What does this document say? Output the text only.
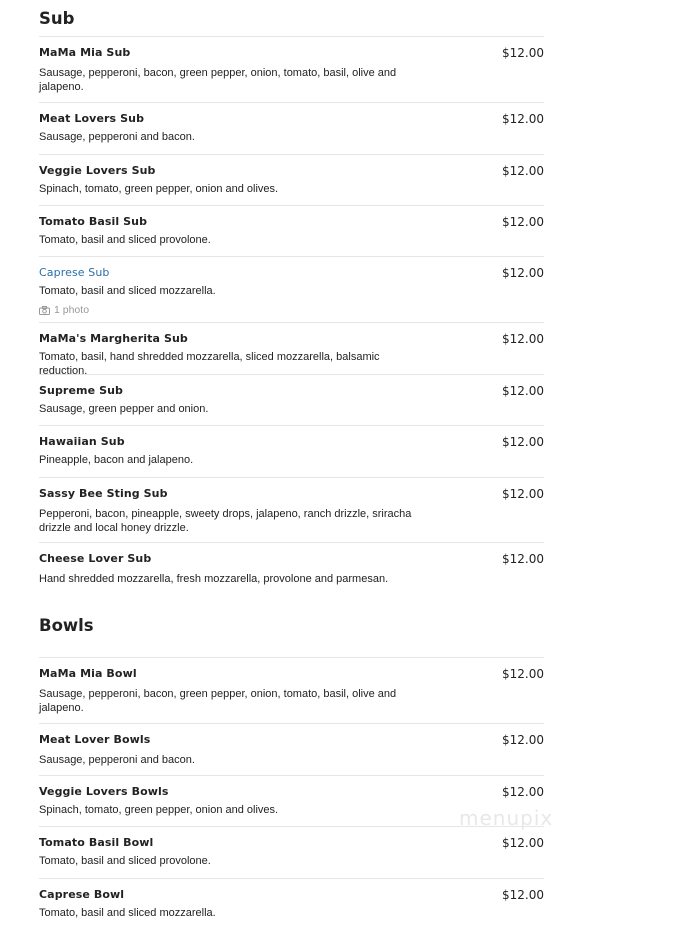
Sub
MaMa Mia Sub	$12.00
Sausage, pepperoni, bacon, green pepper, onion, tomato, basil, olive and jalapeno.
Meat Lovers Sub	$12.00
Sausage, pepperoni and bacon.
Veggie Lovers Sub	$12.00
Spinach, tomato, green pepper, onion and olives.
Tomato Basil Sub	$12.00
Tomato, basil and sliced provolone.
Caprese Sub	$12.00
Tomato, basil and sliced mozzarella.
1 photo
MaMa's Margherita Sub	$12.00
Tomato, basil, hand shredded mozzarella, sliced mozzarella, balsamic reduction.
Supreme Sub	$12.00
Sausage, green pepper and onion.
Hawaiian Sub	$12.00
Pineapple, bacon and jalapeno.
Sassy Bee Sting Sub	$12.00
Pepperoni, bacon, pineapple, sweety drops, jalapeno, ranch drizzle, sriracha drizzle and local honey drizzle.
Cheese Lover Sub	$12.00
Hand shredded mozzarella, fresh mozzarella, provolone and parmesan.
Bowls
MaMa Mia Bowl	$12.00
Sausage, pepperoni, bacon, green pepper, onion, tomato, basil, olive and jalapeno.
Meat Lover Bowls	$12.00
Sausage, pepperoni and bacon.
Veggie Lovers Bowls	$12.00
Spinach, tomato, green pepper, onion and olives.
Tomato Basil Bowl	$12.00
Tomato, basil and sliced provolone.
Caprese Bowl	$12.00
Tomato, basil and sliced mozzarella.
menupix
